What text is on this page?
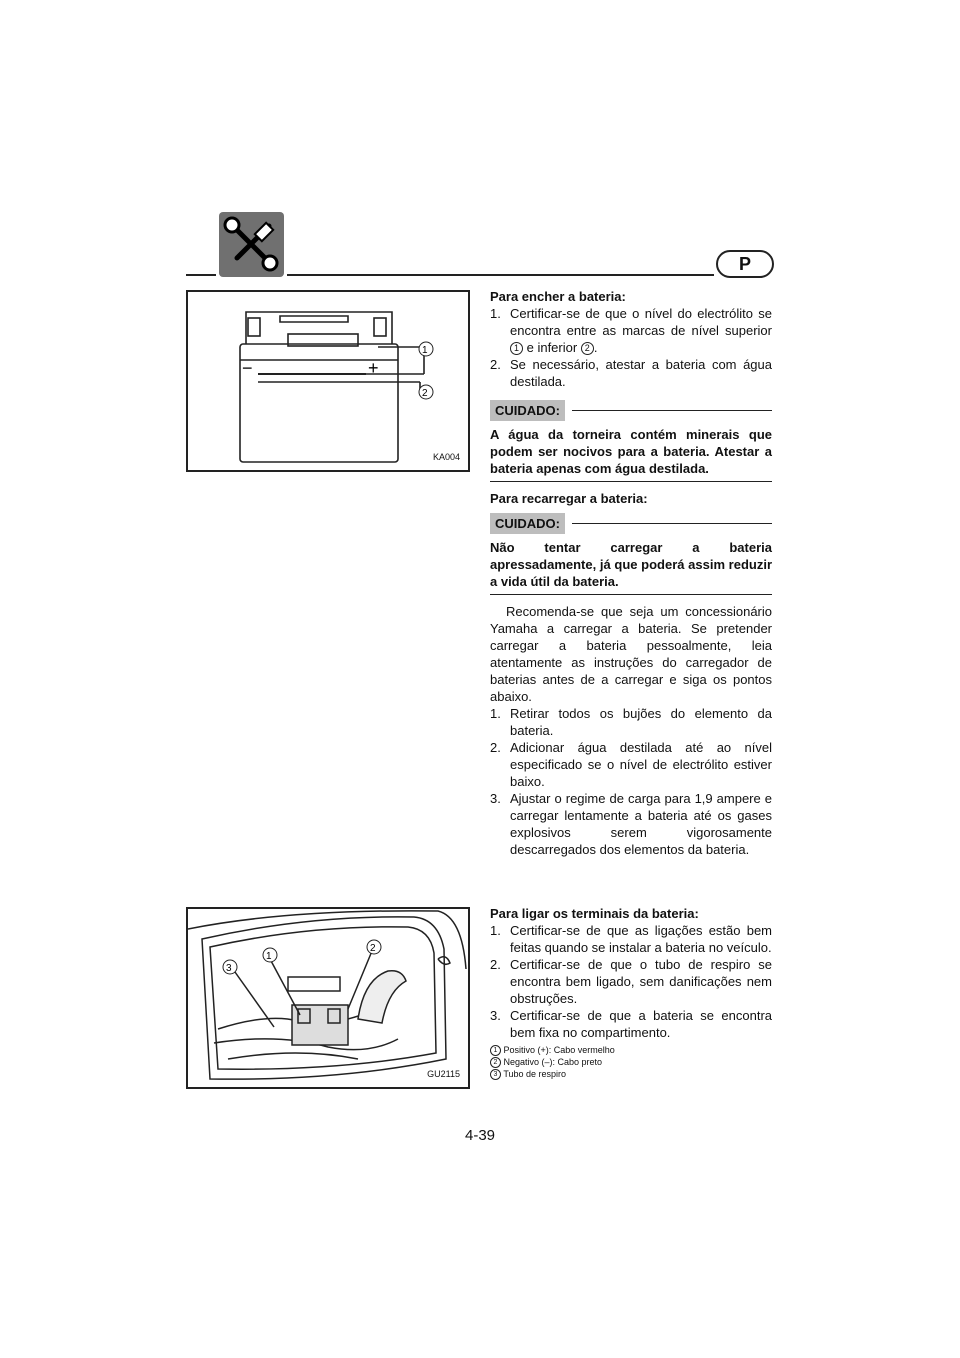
P
−	+
1
2
KA004

Para encher a bateria:

1. Certificar-se de que o nível do electrólito se encontra entre as marcas de nível superior 1 e inferior 2 .
2. Se necessário, atestar a bateria com água destilada.
CUIDADO:

A água da torneira contém minerais que podem ser nocivos para a bateria. Atestar a bateria apenas com água destilada.

Para recarregar a bateria:

CUIDADO:

Não tentar carregar a bateria apressadamente, já que poderá assim reduzir a vida útil da bateria.

Recomenda-se que seja um concessionário Yamaha a carregar a bateria. Se pretender carregar a bateria pessoalmente, leia atentamente as instruções do carregador de baterias antes de a carregar e siga os pontos abaixo.

1. Retirar todos os bujões do elemento da bateria.
2. Adicionar água destilada até ao nível especificado se o nível de electrólito estiver baixo.
3. Ajustar o regime de carga para 1,9 ampere e carregar lentamente a bateria até os gases explosivos serem vigorosamente descarregados dos elementos da bateria.
3
1
2
GU2115

Para ligar os terminais da bateria:

1. Certificar-se de que as ligações estão bem feitas quando se instalar a bateria no veículo.
2. Certificar-se de que o tubo de respiro se encontra bem ligado, sem danificações nem obstruções.
3. Certificar-se de que a bateria se encontra bem fixa no compartimento.
1 Positivo (+): Cabo vermelho
2 Negativo (–): Cabo preto
3 Tubo de respiro
4-39
